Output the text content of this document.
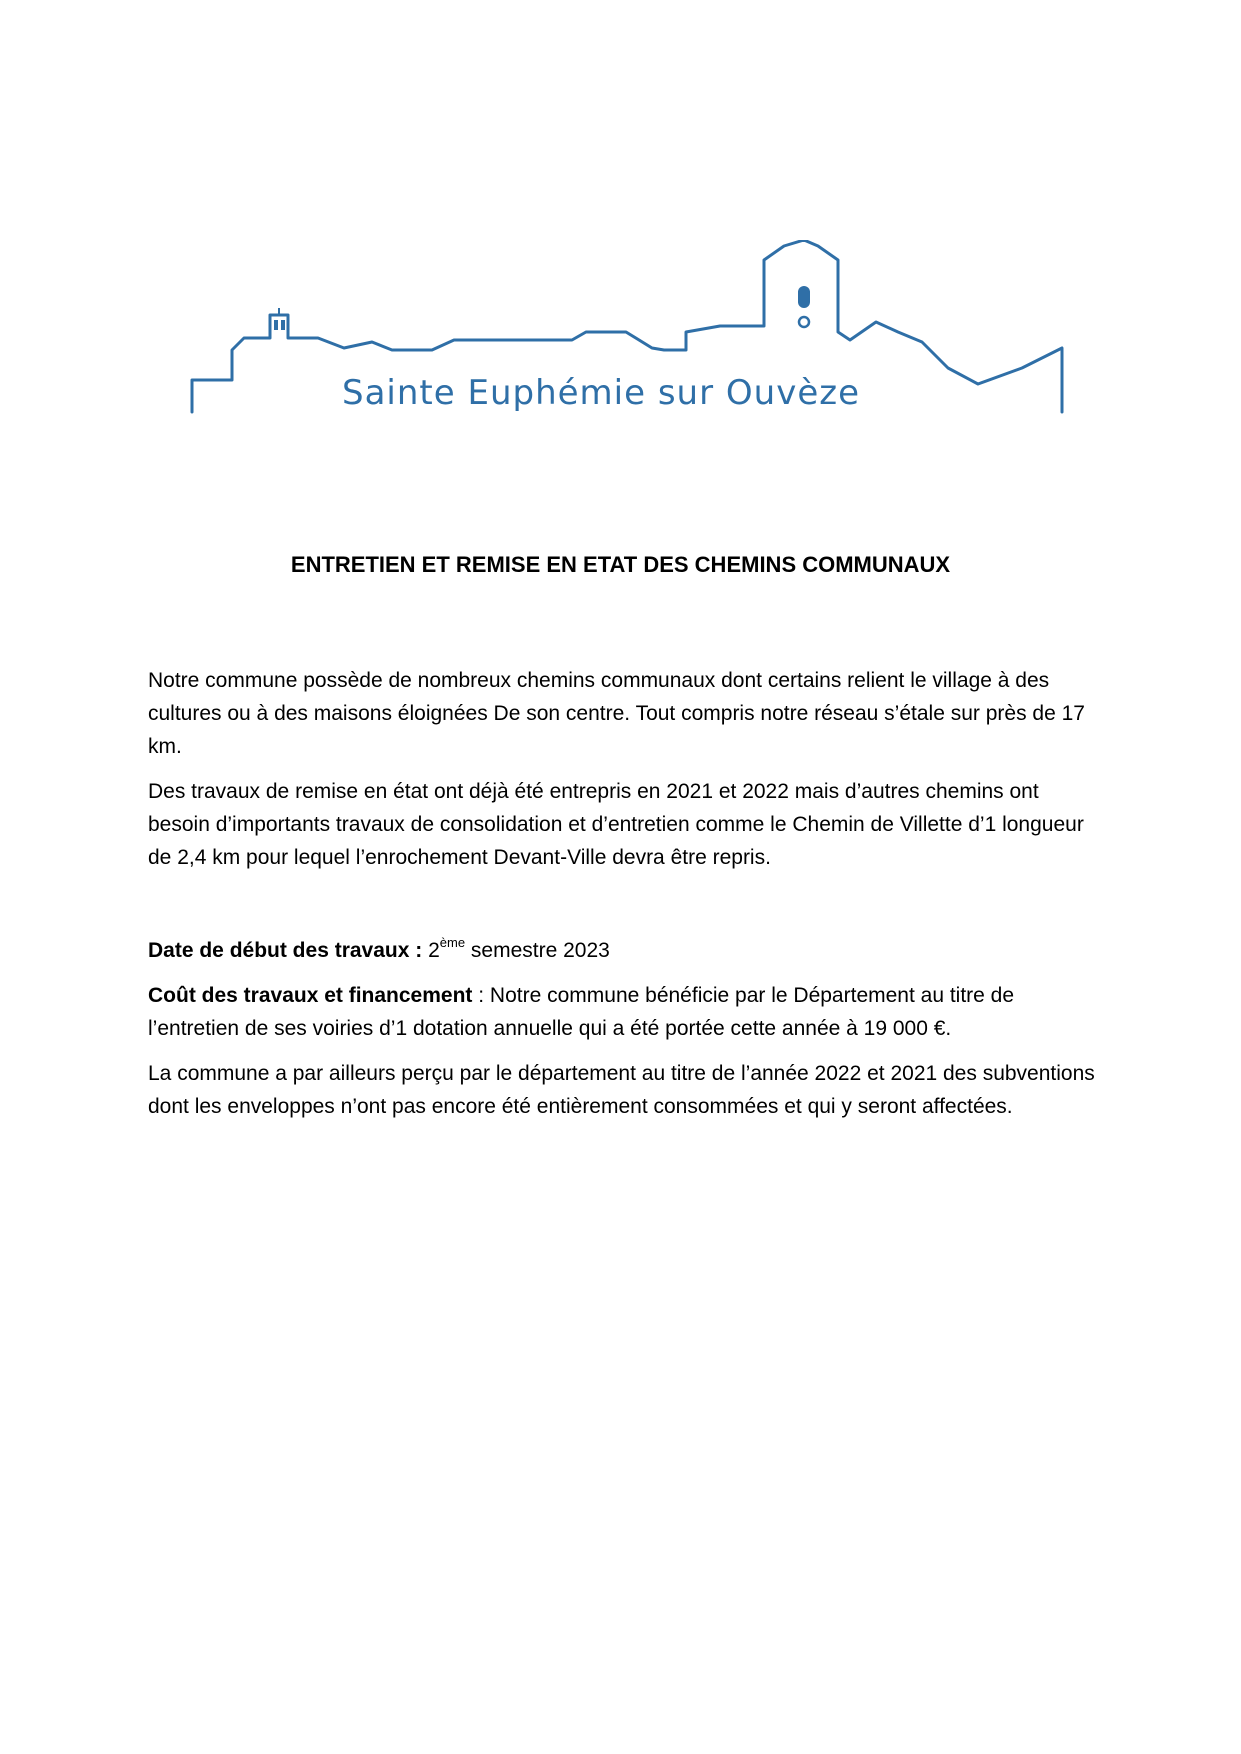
Sainte Euphémie sur Ouvèze
ENTRETIEN ET REMISE EN ETAT DES CHEMINS COMMUNAUX

Notre commune possède de nombreux chemins communaux dont certains relient le village à des cultures ou à des maisons éloignées De son centre. Tout compris notre réseau s’étale sur près de 17 km.

Des travaux de remise en état ont déjà été entrepris en 2021 et 2022 mais d’autres chemins ont besoin d’importants travaux de consolidation et d’entretien comme le Chemin de Villette d’1 longueur de 2,4 km pour lequel l’enrochement Devant-Ville devra être repris.

Date de début des travaux : 2ème semestre 2023

Coût des travaux et financement : Notre commune bénéficie par le Département au titre de l’entretien de ses voiries d’1 dotation annuelle qui a été portée cette année à 19 000 €.

La commune a par ailleurs perçu par le département au titre de l’année 2022 et 2021 des subventions dont les enveloppes n’ont pas encore été entièrement consommées et qui y seront affectées.
